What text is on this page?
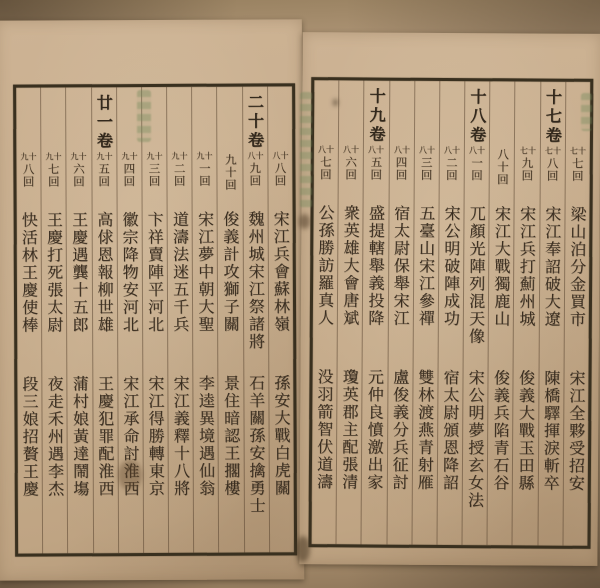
八十八回
宋江兵會蘇林嶺
孫安大戰白虎關
二十卷
八十九回
魏州城宋江祭諸將
石羊關孫安擒勇士
九十回
俊義計攻獅子關
景住暗認王擱樓
九十一回
宋江夢中朝大聖
李逵異境遇仙翁
九十二回
道濤法迷五千兵
宋江義釋十八將
九十三回
卞祥賣陣平河北
宋江得勝轉東京
九十四回
徽宗降物安河北
宋江承命討淮西
廿一卷
九十五回
高俅恩報柳世雄
王慶犯罪配淮西
九十六回
王慶遇龔十五郎
蒲村娘黃達鬧塲
九十七回
王慶打死張太尉
夜走禾州遇李杰
九十八回
快活林王慶使棒
段三娘招贅王慶
七十七回
梁山泊分金買市
宋江全夥受招安
十七卷
七十八回
宋江奉詔破大遼
陳橋驛揮淚斬卒
七十九回
宋江兵打薊州城
俊義大戰玉田縣
八十回
宋江大戰獨鹿山
俊義兵陷青石谷
十八卷
八十一回
兀顏光陣列混天像
宋公明夢授玄女法
八十二回
宋公明破陣成功
宿太尉頒恩降詔
八十三回
五臺山宋江參禪
雙林渡燕青射雁
八十四回
宿太尉保舉宋江
盧俊義分兵征討
十九卷
八十五回
盛提轄舉義投降
元仲良憤激出家
八十六回
衆英雄大會唐斌
瓊英郡主配張清
八十七回
公孫勝訪羅真人
没羽箭智伏道濤
